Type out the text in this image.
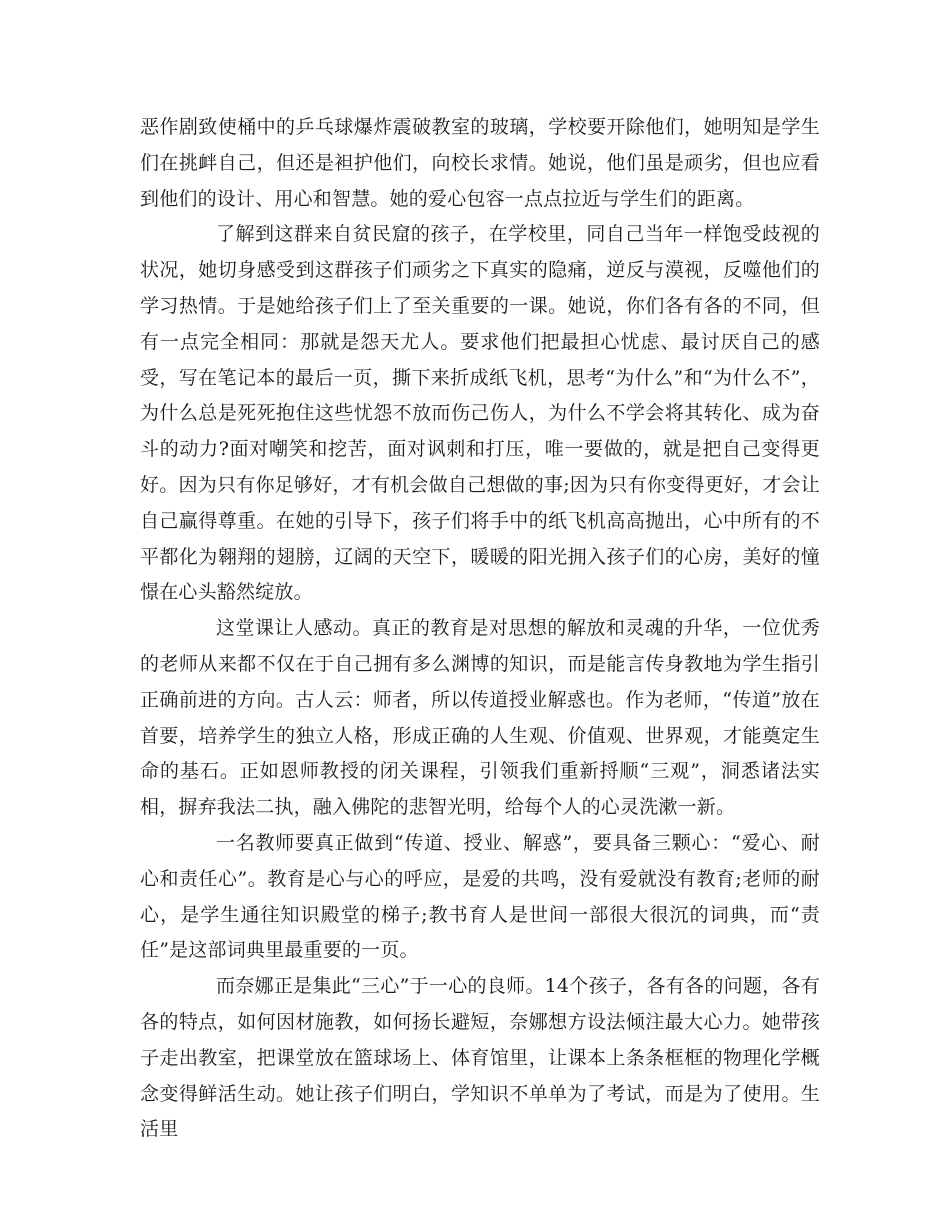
恶作剧致使桶中的乒乓球爆炸震破教室的玻璃，学校要开除他们，她明知是学生们在挑衅自己，但还是袒护他们，向校长求情。她说，他们虽是顽劣，但也应看到他们的设计、用心和智慧。她的爱心包容一点点拉近与学生们的距离。

了解到这群来自贫民窟的孩子，在学校里，同自己当年一样饱受歧视的状况，她切身感受到这群孩子们顽劣之下真实的隐痛，逆反与漠视，反噬他们的学习热情。于是她给孩子们上了至关重要的一课。她说，你们各有各的不同，但有一点完全相同：那就是怨天尤人。要求他们把最担心忧虑、最讨厌自己的感受，写在笔记本的最后一页，撕下来折成纸飞机，思考“为什么”和“为什么不”，为什么总是死死抱住这些忧怨不放而伤己伤人，为什么不学会将其转化、成为奋斗的动力?面对嘲笑和挖苦，面对讽刺和打压，唯一要做的，就是把自己变得更好。因为只有你足够好，才有机会做自己想做的事;因为只有你变得更好，才会让自己赢得尊重。在她的引导下，孩子们将手中的纸飞机高高抛出，心中所有的不平都化为翱翔的翅膀，辽阔的天空下，暖暖的阳光拥入孩子们的心房，美好的憧憬在心头豁然绽放。

这堂课让人感动。真正的教育是对思想的解放和灵魂的升华，一位优秀的老师从来都不仅在于自己拥有多么渊博的知识，而是能言传身教地为学生指引正确前进的方向。古人云：师者，所以传道授业解惑也。作为老师，“传道”放在首要，培养学生的独立人格，形成正确的人生观、价值观、世界观，才能奠定生命的基石。正如恩师教授的闭关课程，引领我们重新捋顺“三观”，洞悉诸法实相，摒弃我法二执，融入佛陀的悲智光明，给每个人的心灵洗漱一新。

一名教师要真正做到“传道、授业、解惑”，要具备三颗心：“爱心、耐心和责任心”。教育是心与心的呼应，是爱的共鸣，没有爱就没有教育;老师的耐心，是学生通往知识殿堂的梯子;教书育人是世间一部很大很沉的词典，而“责任”是这部词典里最重要的一页。

而奈娜正是集此“三心”于一心的良师。14个孩子，各有各的问题，各有各的特点，如何因材施教，如何扬长避短，奈娜想方设法倾注最大心力。她带孩子走出教室，把课堂放在篮球场上、体育馆里，让课本上条条框框的物理化学概念变得鲜活生动。她让孩子们明白，学知识不单单为了考试，而是为了使用。生活里
